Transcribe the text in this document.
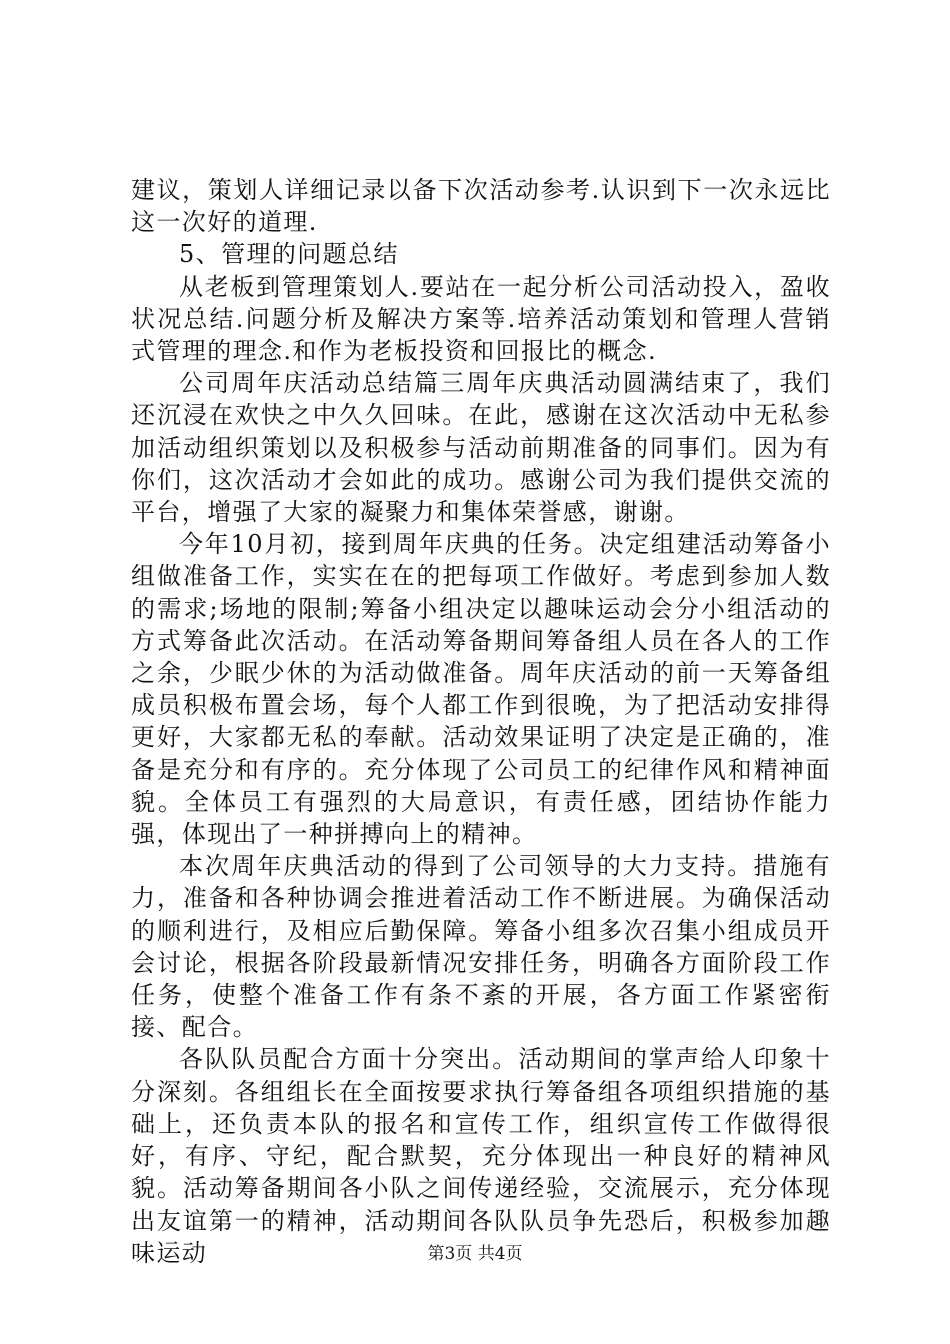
建议，策划人详细记录以备下次活动参考.认识到下一次永远比这一次好的道理.

5、管理的问题总结

从老板到管理策划人.要站在一起分析公司活动投入，盈收状况总结.问题分析及解决方案等.培养活动策划和管理人营销式管理的理念.和作为老板投资和回报比的概念.

公司周年庆活动总结篇三周年庆典活动圆满结束了，我们还沉浸在欢快之中久久回味。在此，感谢在这次活动中无私参加活动组织策划以及积极参与活动前期准备的同事们。因为有你们，这次活动才会如此的成功。感谢公司为我们提供交流的平台，增强了大家的凝聚力和集体荣誉感，谢谢。

今年10月初，接到周年庆典的任务。决定组建活动筹备小组做准备工作，实实在在的把每项工作做好。考虑到参加人数的需求;场地的限制;筹备小组决定以趣味运动会分小组活动的方式筹备此次活动。在活动筹备期间筹备组人员在各人的工作之余，少眠少休的为活动做准备。周年庆活动的前一天筹备组成员积极布置会场，每个人都工作到很晚，为了把活动安排得更好，大家都无私的奉献。活动效果证明了决定是正确的，准备是充分和有序的。充分体现了公司员工的纪律作风和精神面貌。全体员工有强烈的大局意识，有责任感，团结协作能力强，体现出了一种拼搏向上的精神。

本次周年庆典活动的得到了公司领导的大力支持。措施有力，准备和各种协调会推进着活动工作不断进展。为确保活动的顺利进行，及相应后勤保障。筹备小组多次召集小组成员开会讨论，根据各阶段最新情况安排任务，明确各方面阶段工作任务，使整个准备工作有条不紊的开展，各方面工作紧密衔接、配合。

各队队员配合方面十分突出。活动期间的掌声给人印象十分深刻。各组组长在全面按要求执行筹备组各项组织措施的基础上，还负责本队的报名和宣传工作，组织宣传工作做得很好，有序、守纪，配合默契，充分体现出一种良好的精神风貌。活动筹备期间各小队之间传递经验，交流展示，充分体现出友谊第一的精神，活动期间各队队员争先恐后，积极参加趣味运动	第3页 共4页
